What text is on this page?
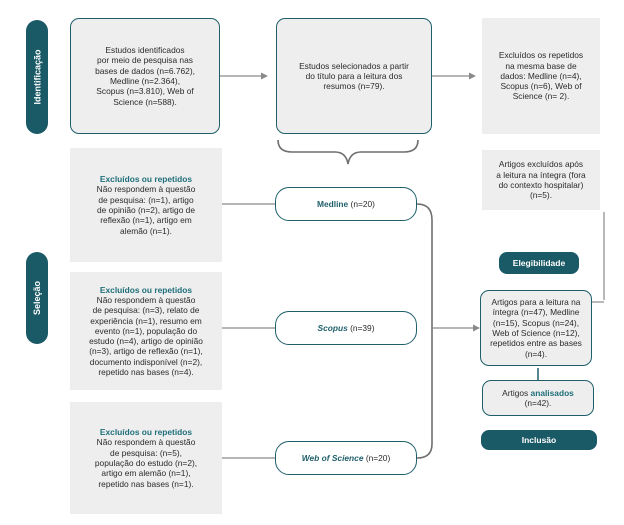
Identificação
Seleção
Elegibilidade
Inclusão
Estudos identificados
por meio de pesquisa nas
bases de dados (n=6.762),
Medline (n=2.364),
Scopus (n=3.810), Web of
Science (n=588).
Estudos selecionados a partir
do título para a leitura dos
resumos (n=79).
Excluídos os repetidos
na mesma base de
dados: Medline (n=4),
Scopus (n=6), Web of
Science (n= 2).
Artigos excluídos após
a leitura na íntegra (fora
do contexto hospitalar)
(n=5).
Excluídos ou repetidos
Não respondem à questão
de pesquisa: (n=1), artigo
de opinião (n=2), artigo de
reflexão (n=1), artigo em
alemão (n=1).
Excluídos ou repetidos
Não respondem à questão
de pesquisa: (n=3), relato de
experiência (n=1), resumo em
evento (n=1), população do
estudo (n=4), artigo de opinião
(n=3), artigo de reflexão (n=1),
documento indisponível (n=2),
repetido nas bases (n=4).
Excluídos ou repetidos
Não respondem à questão
de pesquisa: (n=5),
população do estudo (n=2),
artigo em alemão (n=1),
repetido nas bases (n=1).
Medline
(n=20)
Scopus
(n=39)
Web of Science
(n=20)
Artigos para a leitura na
íntegra (n=47), Medline
(n=15), Scopus (n=24),
Web of Science (n=12),
repetidos entre as bases
(n=4).
Artigos analisados
(n=42).
